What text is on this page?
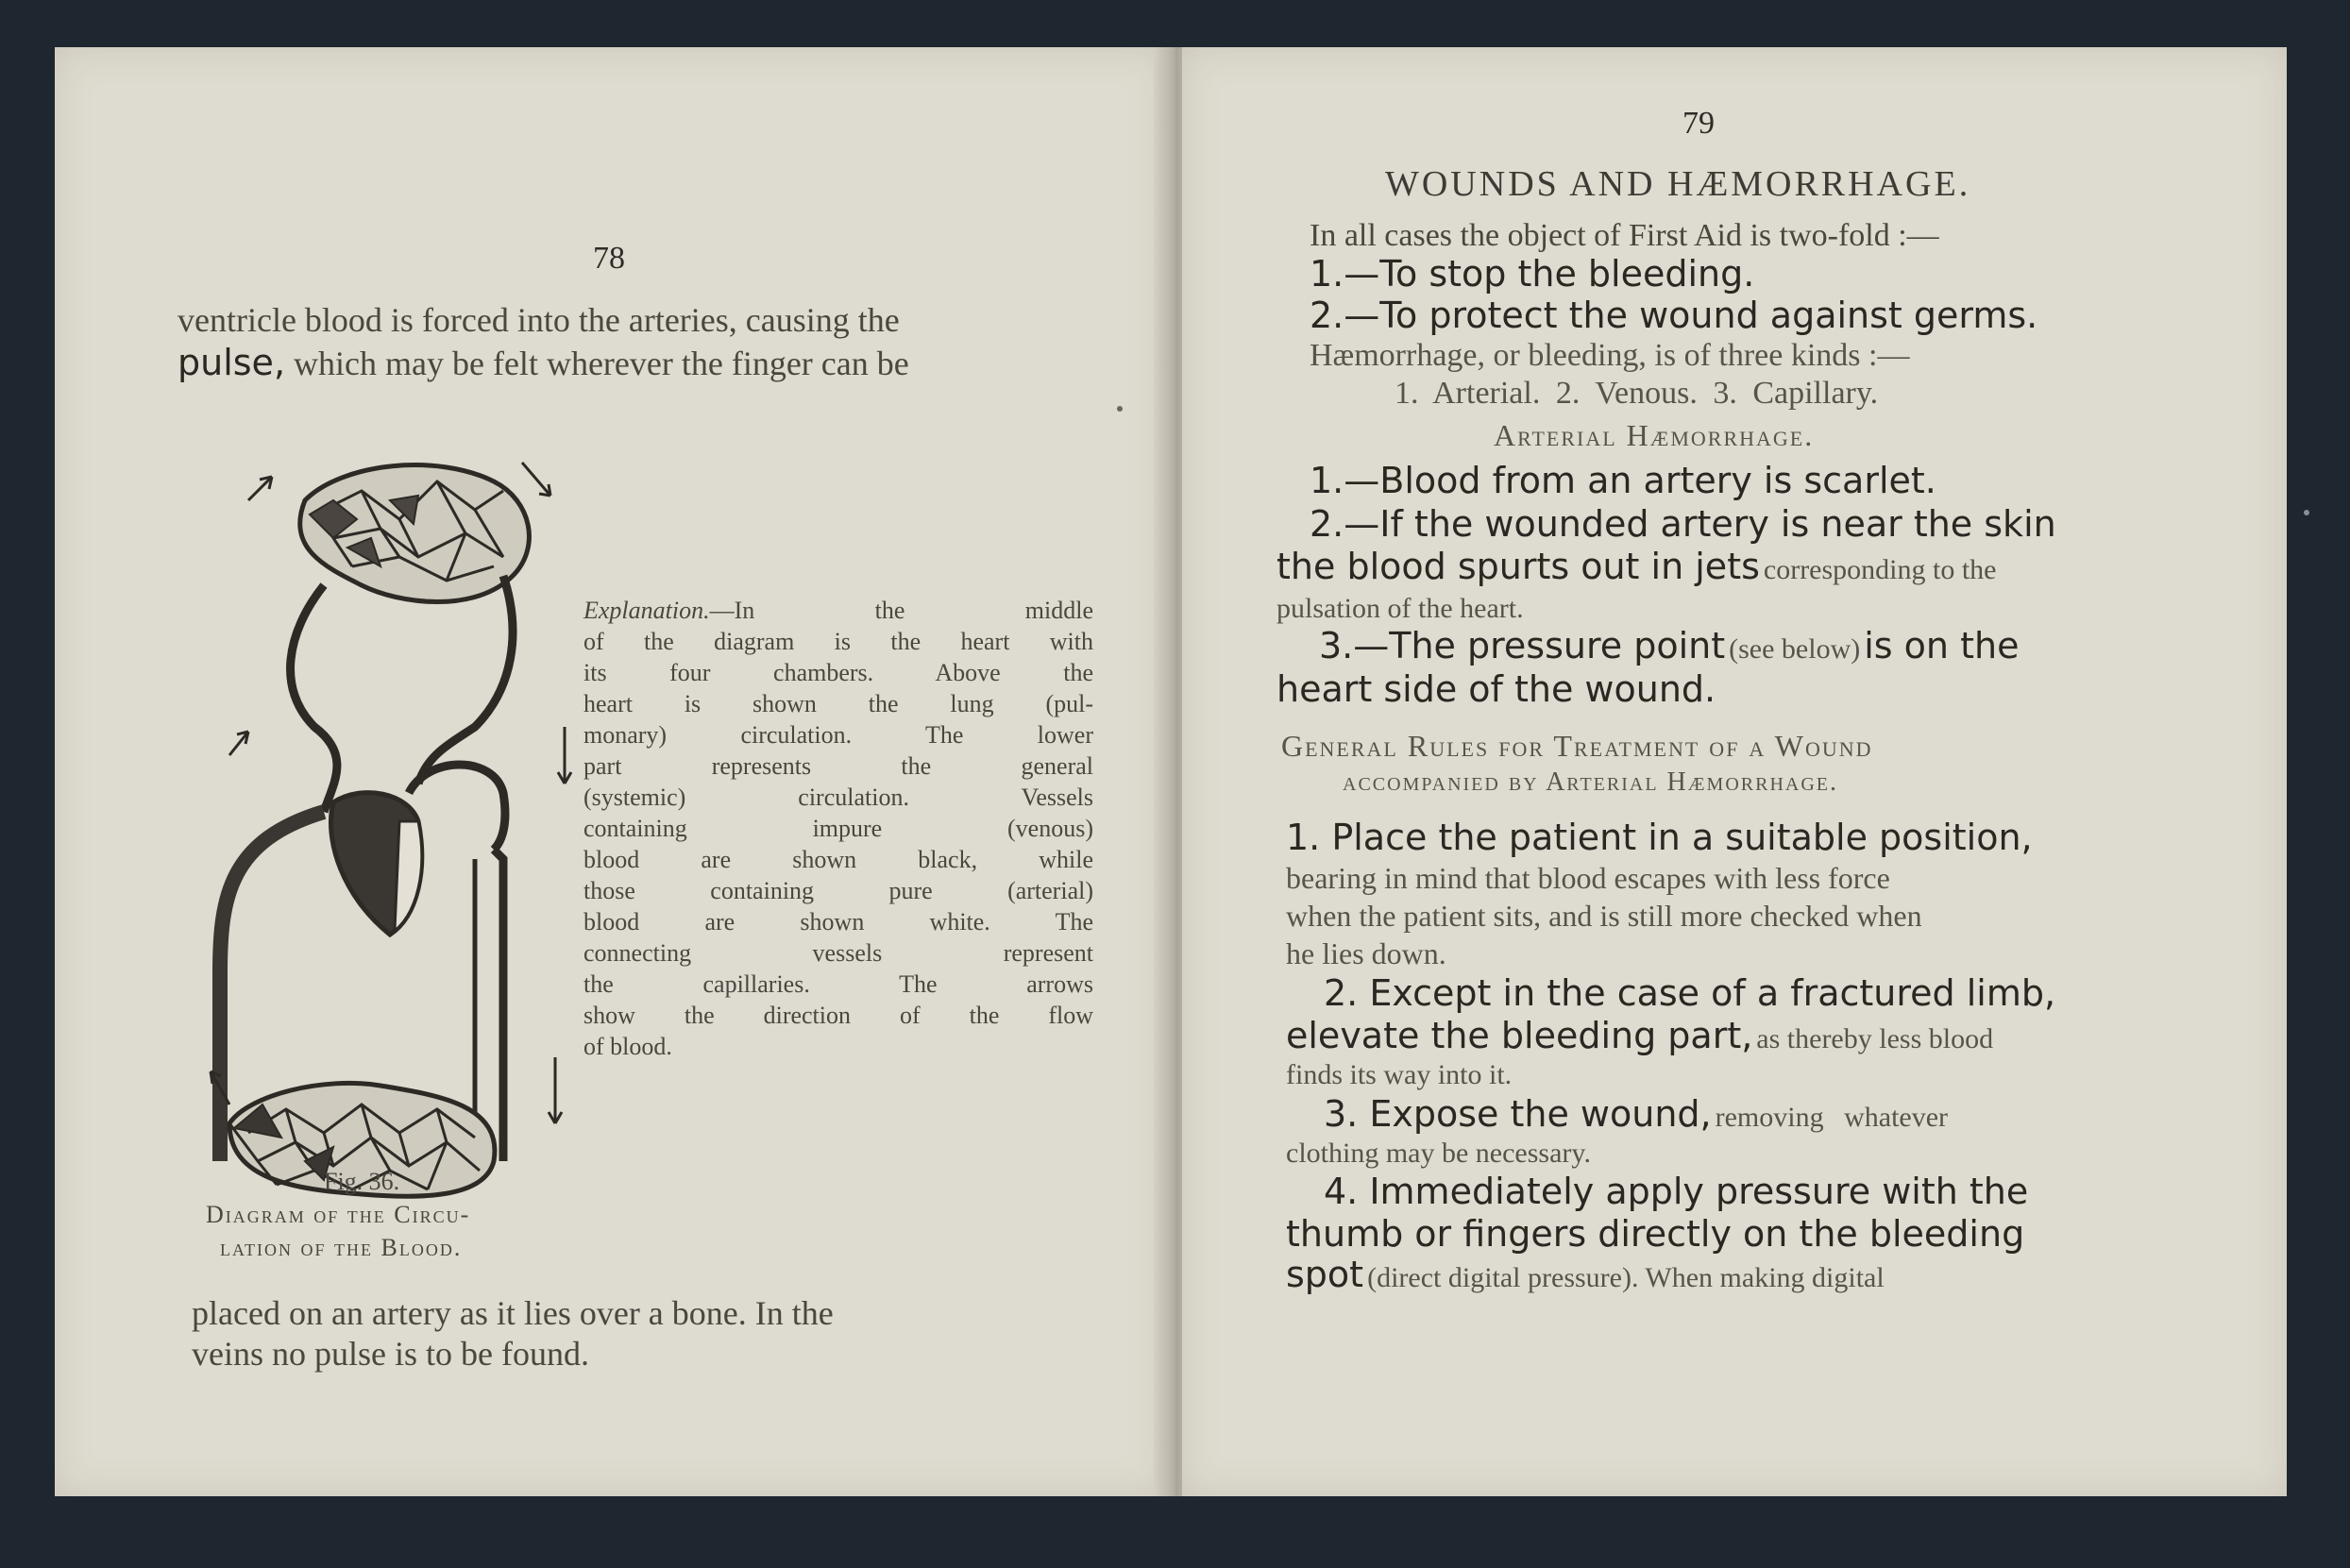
78
ventricle blood is forced into the arteries, causing the
pulse, which may be felt wherever the finger can be
Explanation.—In the middle
of the diagram is the heart with
its four chambers. Above the
heart is shown the lung (pul-
monary) circulation. The lower
part represents the general
(systemic) circulation. Vessels
containing impure (venous)
blood are shown black, while
those containing pure (arterial)
blood are shown white. The
connecting vessels represent
the capillaries. The arrows
show the direction of the flow
of blood.
Fig. 36.
Diagram of the Circu-
lation of the Blood.
placed on an artery as it lies over a bone. In the
veins no pulse is to be found.
79
WOUNDS AND HÆMORRHAGE.
In all cases the object of First Aid is two-fold :—
1.—To stop the bleeding.
2.—To protect the wound against germs.
Hæmorrhage, or bleeding, is of three kinds :—
1. Arterial. 2. Venous. 3. Capillary.
Arterial Hæmorrhage.
1.—Blood from an artery is scarlet.
2.—If the wounded artery is near the skin
the blood spurts out in jets corresponding to the
pulsation of the heart.
3.—The pressure point (see below) is on the
heart side of the wound.
General Rules for Treatment of a Wound
accompanied by Arterial Hæmorrhage.
1. Place the patient in a suitable position,
bearing in mind that blood escapes with less force
when the patient sits, and is still more checked when
he lies down.
2. Except in the case of a fractured limb,
elevate the bleeding part, as thereby less blood
finds its way into it.
3. Expose the wound, removing whatever
clothing may be necessary.
4. Immediately apply pressure with the
thumb or fingers directly on the bleeding
spot (direct digital pressure). When making digital
